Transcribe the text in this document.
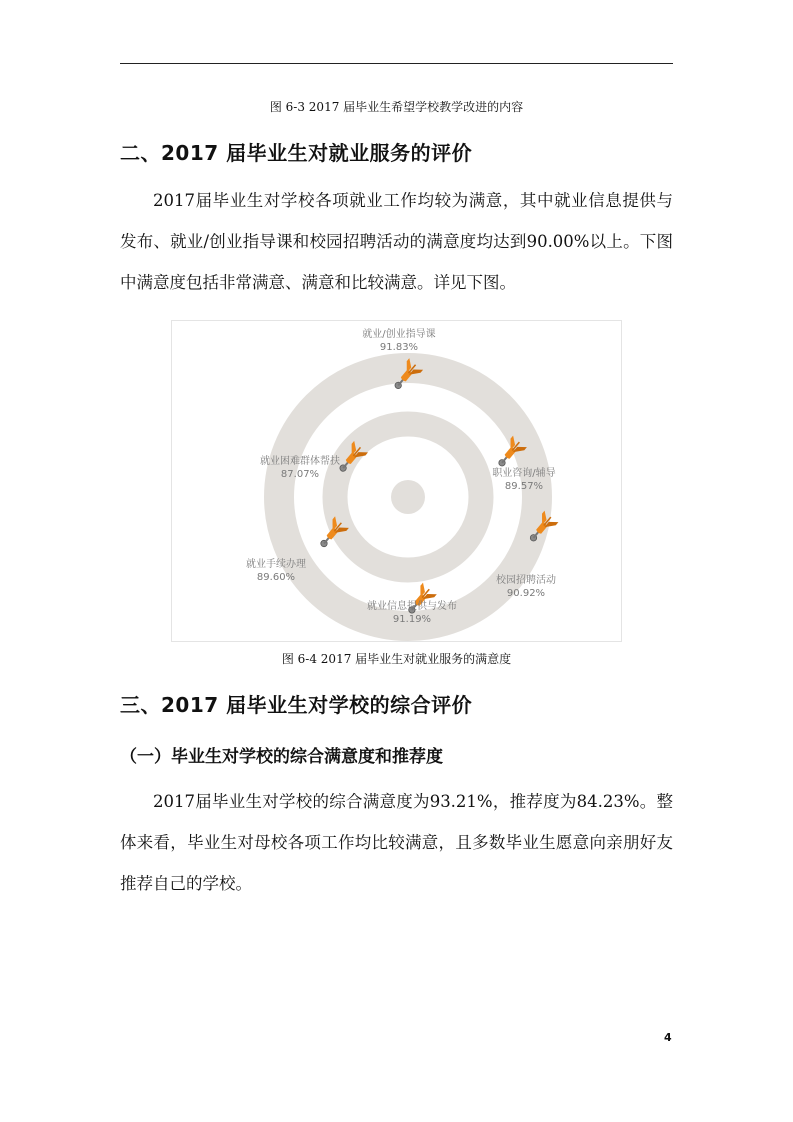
图 6-3 2017 届毕业生希望学校教学改进的内容
二、2017 届毕业生对就业服务的评价
2017届毕业生对学校各项就业工作均较为满意，其中就业信息提供与发布、就业/创业指导课和校园招聘活动的满意度均达到90.00%以上。下图中满意度包括非常满意、满意和比较满意。详见下图。
就业/创业指导课
91.83%
职业咨询/辅导
89.57%
校园招聘活动
90.92%
就业信息提供与发布
91.19%
就业手续办理
89.60%
就业困难群体帮扶
87.07%
图 6-4 2017 届毕业生对就业服务的满意度
三、2017 届毕业生对学校的综合评价
（一）毕业生对学校的综合满意度和推荐度
2017届毕业生对学校的综合满意度为93.21%，推荐度为84.23%。整体来看，毕业生对母校各项工作均比较满意，且多数毕业生愿意向亲朋好友推荐自己的学校。
4
